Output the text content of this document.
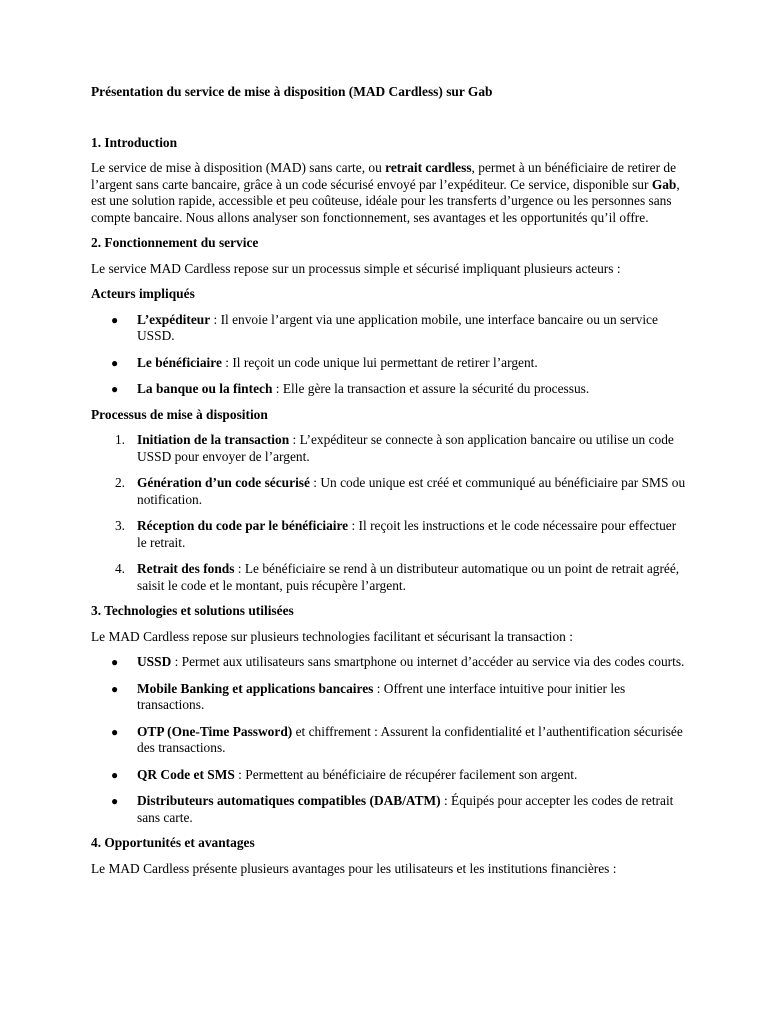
Présentation du service de mise à disposition (MAD Cardless) sur Gab

1. Introduction

Le service de mise à disposition (MAD) sans carte, ou retrait cardless, permet à un bénéficiaire de retirer de l’argent sans carte bancaire, grâce à un code sécurisé envoyé par l’expéditeur. Ce service, disponible sur Gab, est une solution rapide, accessible et peu coûteuse, idéale pour les transferts d’urgence ou les personnes sans compte bancaire. Nous allons analyser son fonctionnement, ses avantages et les opportunités qu’il offre.

2. Fonctionnement du service

Le service MAD Cardless repose sur un processus simple et sécurisé impliquant plusieurs acteurs :

Acteurs impliqués
● L’expéditeur : Il envoie l’argent via une application mobile, une interface bancaire ou un service USSD.
● Le bénéficiaire : Il reçoit un code unique lui permettant de retirer l’argent.
● La banque ou la fintech : Elle gère la transaction et assure la sécurité du processus.
Processus de mise à disposition
1. Initiation de la transaction : L’expéditeur se connecte à son application bancaire ou utilise un code USSD pour envoyer de l’argent.
2. Génération d’un code sécurisé : Un code unique est créé et communiqué au bénéficiaire par SMS ou notification.
3. Réception du code par le bénéficiaire : Il reçoit les instructions et le code nécessaire pour effectuer le retrait.
4. Retrait des fonds : Le bénéficiaire se rend à un distributeur automatique ou un point de retrait agréé, saisit le code et le montant, puis récupère l’argent.
3. Technologies et solutions utilisées

Le MAD Cardless repose sur plusieurs technologies facilitant et sécurisant la transaction :

● USSD : Permet aux utilisateurs sans smartphone ou internet d’accéder au service via des codes courts.
● Mobile Banking et applications bancaires : Offrent une interface intuitive pour initier les transactions.
● OTP (One-Time Password) et chiffrement : Assurent la confidentialité et l’authentification sécurisée des transactions.
● QR Code et SMS : Permettent au bénéficiaire de récupérer facilement son argent.
● Distributeurs automatiques compatibles (DAB/ATM) : Équipés pour accepter les codes de retrait sans carte.
4. Opportunités et avantages

Le MAD Cardless présente plusieurs avantages pour les utilisateurs et les institutions financières :
